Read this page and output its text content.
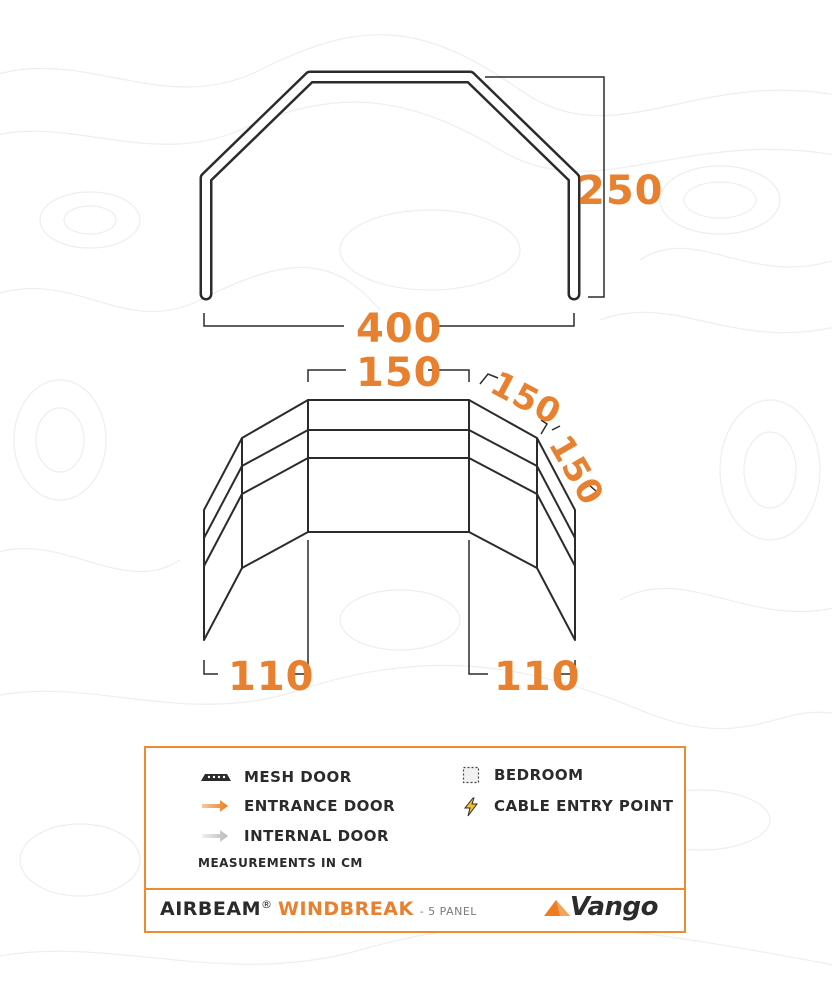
250
400
150 150
150
110	110
MESH DOOR
ENTRANCE DOOR
INTERNAL DOOR
BEDROOM
CABLE ENTRY POINT
MEASUREMENTS IN CM
AIRBEAM ® WINDBREAK - 5 PANEL	Vango
